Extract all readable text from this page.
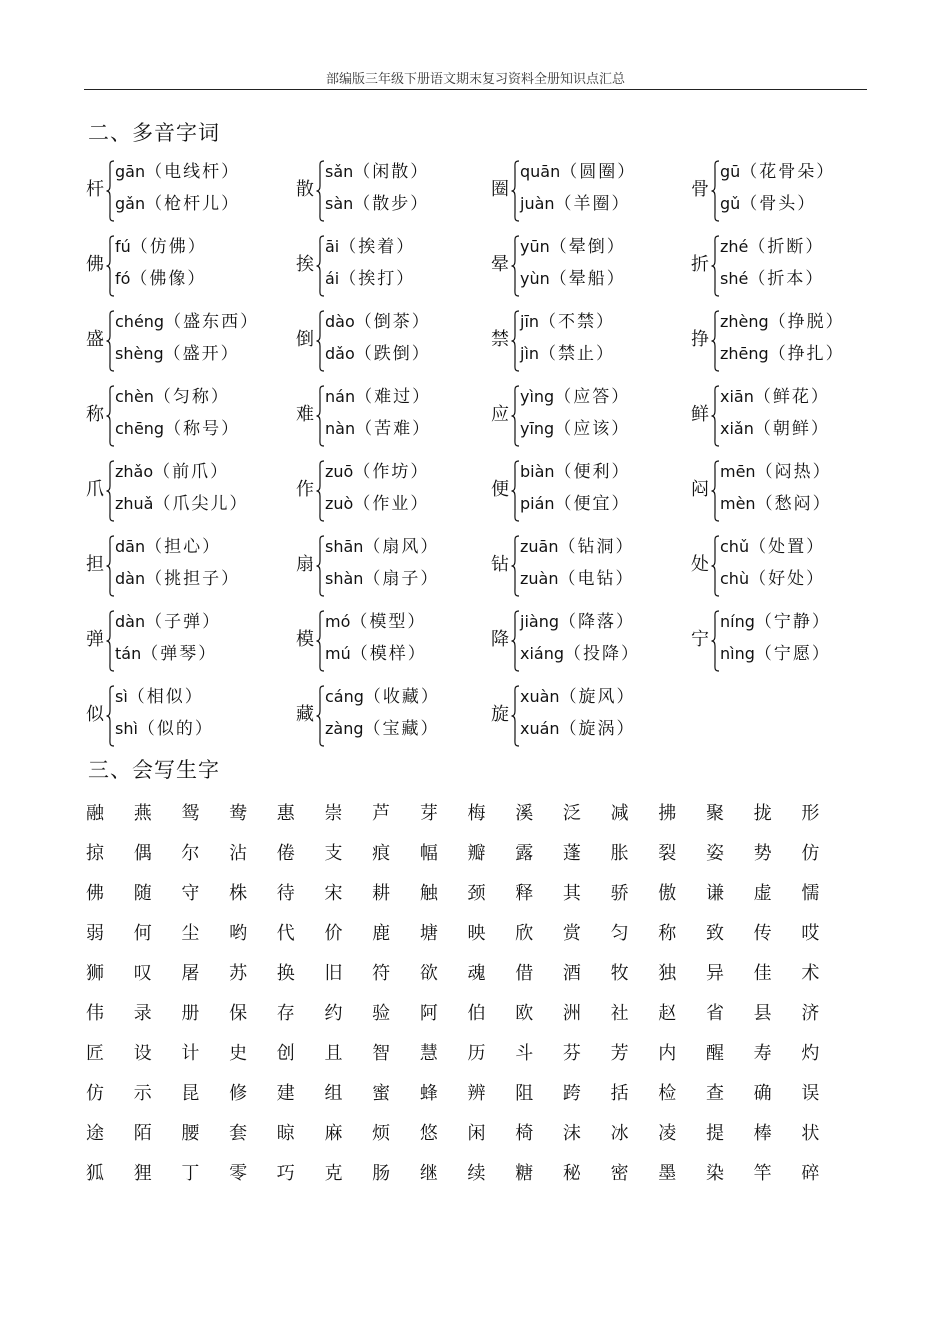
部编版三年级下册语文期末复习资料全册知识点汇总
二、多音字词
杆
gān（电线杆）
gǎn（枪杆儿）
散
sǎn（闲散）
sàn（散步）
圈
quān（圆圈）
juàn（羊圈）
骨
gū（花骨朵）
gǔ（骨头）
佛
fú（仿佛）
fó（佛像）
挨
āi（挨着）
ái（挨打）
晕
yūn（晕倒）
yùn（晕船）
折
zhé（折断）
shé（折本）
盛
chéng（盛东西）
shèng（盛开）
倒
dào（倒茶）
dǎo（跌倒）
禁
jīn（不禁）
jìn（禁止）
挣
zhèng（挣脱）
zhēng（挣扎）
称
chèn（匀称）
chēng（称号）
难
nán（难过）
nàn（苦难）
应
yìng（应答）
yīng（应该）
鲜
xiān（鲜花）
xiǎn（朝鲜）
爪
zhǎo（前爪）
zhuǎ（爪尖儿）
作
zuō（作坊）
zuò（作业）
便
biàn（便利）
pián（便宜）
闷
mēn（闷热）
mèn（愁闷）
担
dān（担心）
dàn（挑担子）
扇
shān（扇风）
shàn（扇子）
钻
zuān（钻洞）
zuàn（电钻）
处
chǔ（处置）
chù（好处）
弹
dàn（子弹）
tán（弹琴）
模
mó（模型）
mú（模样）
降
jiàng（降落）
xiáng（投降）
宁
níng（宁静）
nìng（宁愿）
似
sì（相似）
shì（似的）
藏
cáng（收藏）
zàng（宝藏）
旋
xuàn（旋风）
xuán（旋涡）
三、会写生字
融	燕	鸳	鸯	惠	崇	芦	芽	梅	溪	泛	减	拂	聚	拢	形
掠	偶	尔	沾	倦	支	痕	幅	瓣	露	蓬	胀	裂	姿	势	仿
佛	随	守	株	待	宋	耕	触	颈	释	其	骄	傲	谦	虚	懦
弱	何	尘	哟	代	价	鹿	塘	映	欣	赏	匀	称	致	传	哎
狮	叹	屠	苏	换	旧	符	欲	魂	借	酒	牧	独	异	佳	术
伟	录	册	保	存	约	验	阿	伯	欧	洲	社	赵	省	县	济
匠	设	计	史	创	且	智	慧	历	斗	芬	芳	内	醒	寿	灼
仿	示	昆	修	建	组	蜜	蜂	辨	阻	跨	括	检	查	确	误
途	陌	腰	套	晾	麻	烦	悠	闲	椅	沫	冰	凌	提	棒	状
狐	狸	丁	零	巧	克	肠	继	续	糖	秘	密	墨	染	竿	碎
